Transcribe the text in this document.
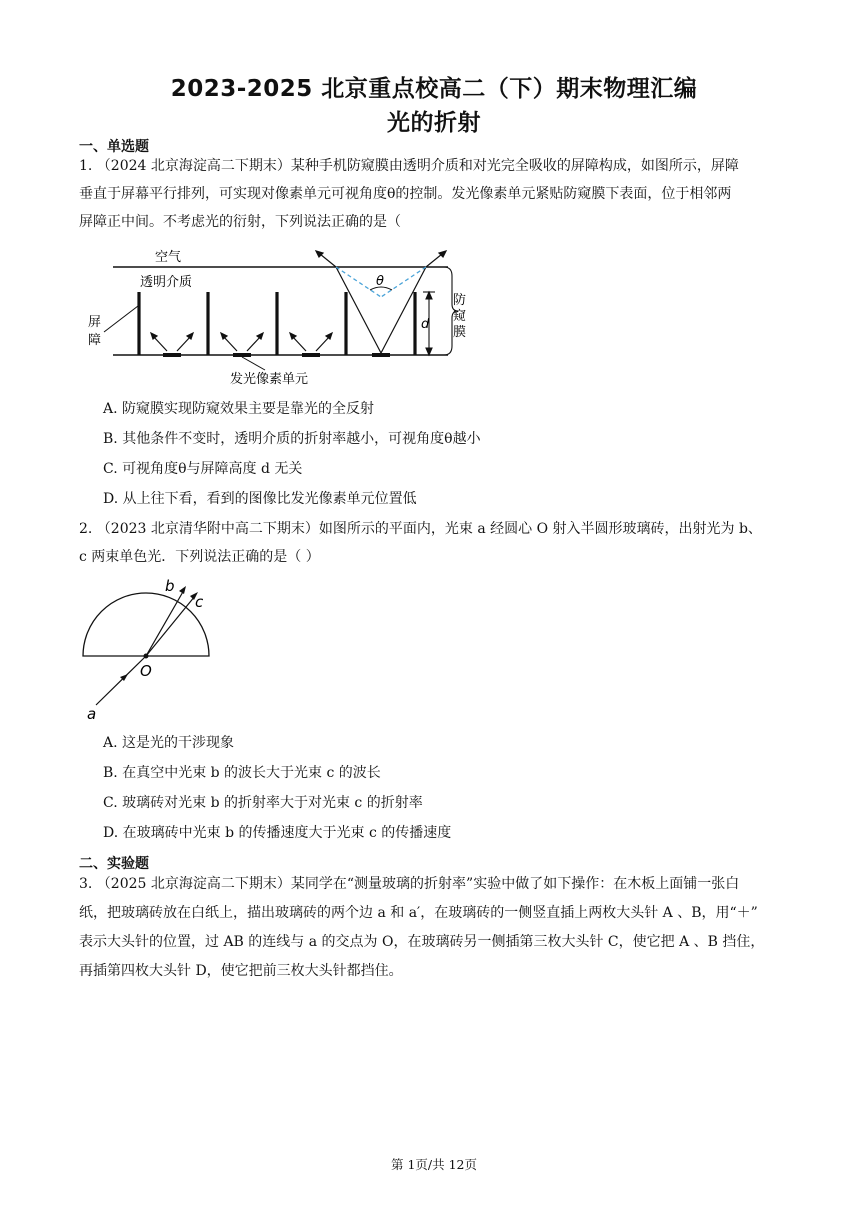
2023-2025 北京重点校高二（下）期末物理汇编
光的折射
一、单选题
1. （2024 北京海淀高二下期末）某种手机防窥膜由透明介质和对光完全吸收的屏障构成，如图所示，屏障
垂直于屏幕平行排列，可实现对像素单元可视角度θ的控制。发光像素单元紧贴防窥膜下表面，位于相邻两
屏障正中间。不考虑光的衍射，下列说法正确的是（
θ
d
空气
透明介质
屏
障
防
窥
膜
发光像素单元
A. 防窥膜实现防窥效果主要是靠光的全反射
B. 其他条件不变时，透明介质的折射率越小，可视角度θ越小
C. 可视角度θ与屏障高度 d 无关
D. 从上往下看，看到的图像比发光像素单元位置低
2. （2023 北京清华附中高二下期末）如图所示的平面内，光束 a 经圆心 O 射入半圆形玻璃砖，出射光为 b、
c 两束单色光．下列说法正确的是（ ）
b
c
O
a
A. 这是光的干涉现象
B. 在真空中光束 b 的波长大于光束 c 的波长
C. 玻璃砖对光束 b 的折射率大于对光束 c 的折射率
D. 在玻璃砖中光束 b 的传播速度大于光束 c 的传播速度
二、实验题
3. （2025 北京海淀高二下期末）某同学在“测量玻璃的折射率”实验中做了如下操作：在木板上面铺一张白
纸，把玻璃砖放在白纸上，描出玻璃砖的两个边 a 和 a′，在玻璃砖的一侧竖直插上两枚大头针 A 、B，用“＋”
表示大头针的位置，过 AB 的连线与 a 的交点为 O，在玻璃砖另一侧插第三枚大头针 C，使它把 A 、B 挡住，
再插第四枚大头针 D，使它把前三枚大头针都挡住。
第 1页/共 12页
